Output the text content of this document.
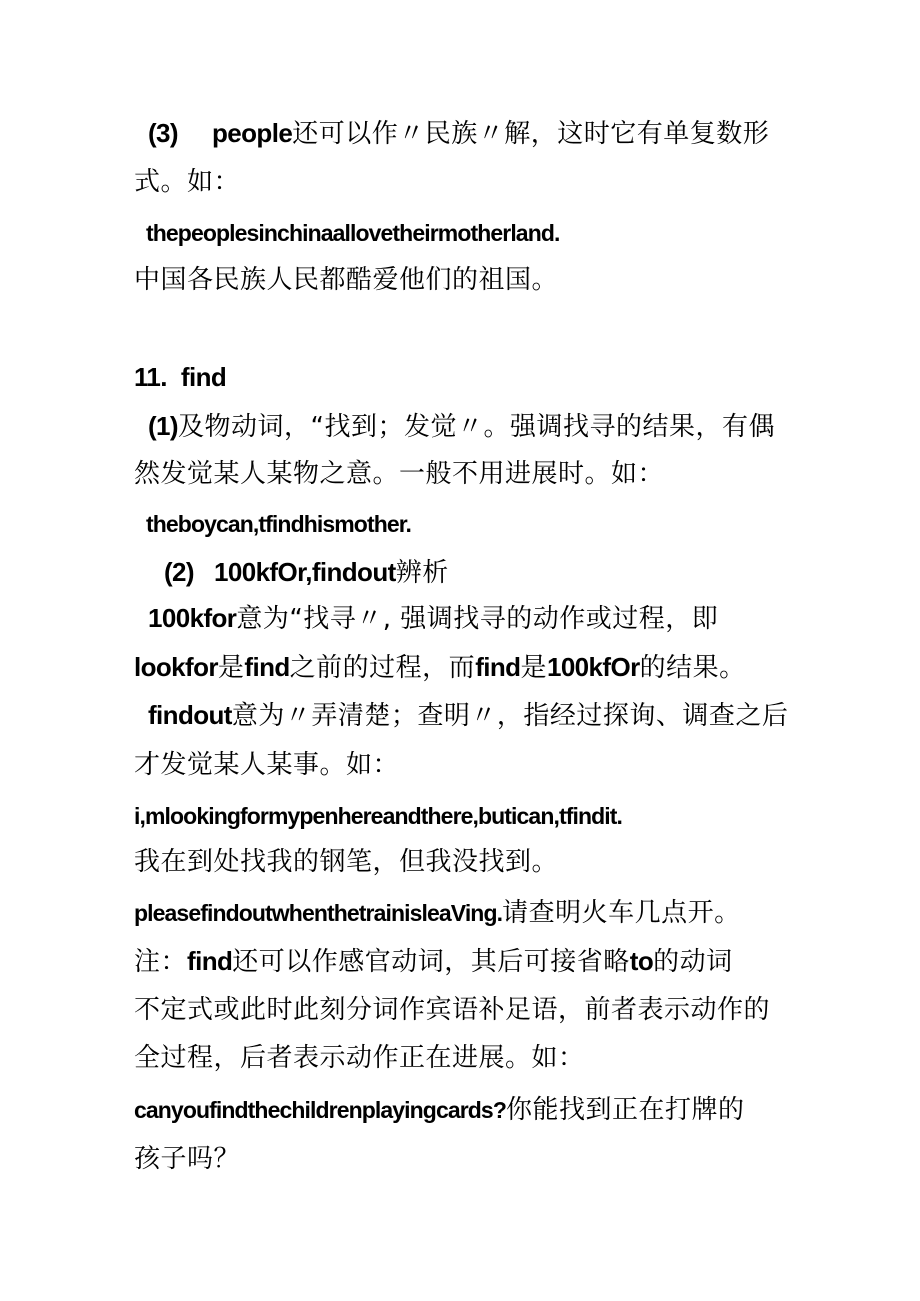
(3) people还可以作〃民族〃解，这时它有单复数形
式。如：
thepeoplesinchinaallovetheirmotherland.
中国各民族人民都酷爱他们的祖国。
11. find
(1)及物动词，“找到；发觉〃。强调找寻的结果，有偶
然发觉某人某物之意。一般不用进展时。如：
theboycan,tfindhismother.
(2) 100kfOr,findout辨析
100kfor意为“找寻〃, 强调找寻的动作或过程，即
lookfor是find之前的过程，而find是100kfOr的结果。
findout意为〃弄清楚；查明〃，指经过探询、调查之后
才发觉某人某事。如：
i,mlookingformypenhereandthere,butican,tfindit.
我在到处找我的钢笔，但我没找到。
pleasefindoutwhenthetrainisleaVing.请查明火车几点开。
注：find还可以作感官动词，其后可接省略to的动词
不定式或此时此刻分词作宾语补足语，前者表示动作的
全过程，后者表示动作正在进展。如：
canyoufindthechildrenplayingcards?你能找到正在打牌的
孩子吗？
